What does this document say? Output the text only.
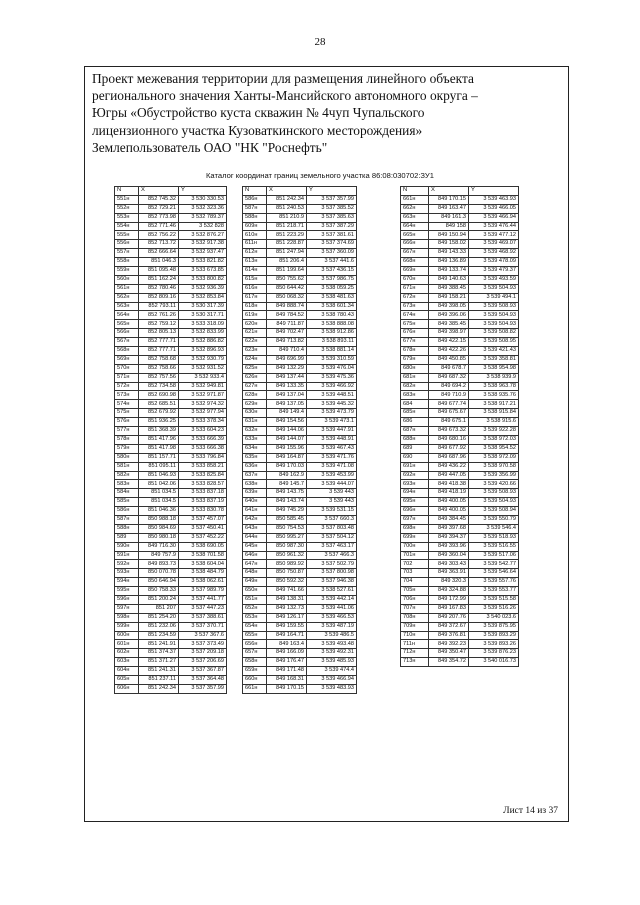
28
Проект межевания территории для размещения линейного объекта
регионального значения Ханты-Мансийского автономного округа –
Югры «Обустройство куста скважин № 4чуп Чупальского
лицензионного участка Кузоваткинского месторождения»
Землепользователь ОАО "НК "Роснефть"
Каталог координат границ земельного участка 86:08:030702:ЗУ1
N	X	Y
551н	852 745.32	3 530 330.53
552н	852 729.21	3 532 323.36
553н	852 773.98	3 532 789.37
554н	852 771.46	3 532 828
555н	852 756.22	3 532 876.27
556н	852 713.72	3 532 917.38
557н	852 666.64	3 532 937.47
558н	851 046.3	3 533 821.82
559н	851 095.48	3 533 673.85
560н	851 162.24	3 533 800.82
561н	852 780.46	3 532 936.39
562н	852 809.16	3 532 853.84
563н	852 793.11	3 530 317.39
564н	852 761.26	3 530 317.71
565н	852 759.12	3 533 318.09
566н	852 805.13	3 532 833.99
567н	852 777.71	3 532 886.82
568н	852 777.71	3 532 896.93
569н	852 758.68	3 532 930.79
570н	852 758.66	3 532 931.52
571н	852 757.56	3 532 933.4
572н	852 734.58	3 532 949.81
573н	852 690.98	3 532 971.87
574н	852 685.51	3 532 974.32
575н	852 679.92	3 532 977.94
576н	851 936.25	3 533 378.34
577н	851 368.39	3 533 604.23
578н	851 417.96	3 533 666.39
579н	851 417.98	3 533 666.38
580н	851 157.71	3 533 796.84
581н	851 095.11	3 533 858.21
582н	851 046.93	3 533 825.84
583н	851 042.06	3 533 828.57
584н	851 034.5	3 533 837.18
585н	851 034.5	3 533 837.19
586н	851 046.36	3 533 830.78
587н	850 988.18	3 537 457.07
588н	850 984.69	3 537 450.41
589	850 980.18	3 537 452.22
590н	849 716.30	3 538 690.05
591н	849 757.9	3 538 701.58
592н	849 893.73	3 538 604.04
593н	850 070.78	3 538 484.79
594н	850 646.94	3 538 062.61
595н	850 758.33	3 537 989.79
596н	851 200.24	3 537 441.77
597н	851 207	3 537 447.23
598н	851 254.20	3 537 388.61
599н	851 232.06	3 537 370.71
600н	851 234.59	3 537 367.6
601н	851 241.91	3 537 373.49
602н	851 374.37	3 537 209.18
603н	851 371.27	3 537 206.69
604н	851 241.31	3 537 367.87
605н	851 237.11	3 537 364.48
606н	851 242.34	3 537 357.99
N	X	Y
586н	851 242.34	3 537 357.99
587н	851 240.53	3 537 385.52
588н	851 210.9	3 537 385.63
609н	851 218.71	3 537 387.29
610н	851 223.29	3 537 381.61
611н	851 228.87	3 537 374.69
612н	851 247.94	3 537 360.09
613н	851 206.4	3 537 441.6
614н	851 199.64	3 537 436.15
615н	850 755.62	3 537 986.75
616н	850 644.42	3 538 059.25
617н	850 068.32	3 538 481.63
618н	849 888.74	3 538 601.34
619н	849 784.52	3 538 780.43
620н	849 711.87	3 538 888.08
621н	849 702.47	3 538 912.86
622н	849 713.82	3 538 893.11
623н	849 710.4	3 538 881.14
624н	849 696.99	3 539 310.59
625н	849 132.29	3 539 476.04
626н	849 137.44	3 539 475.36
627н	849 133.35	3 539 466.92
628н	849 137.04	3 539 448.51
629н	849 137.05	3 539 445.32
630н	849 149.4	3 539 473.79
631н	849 154.56	3 539 473.1
632н	849 144.06	3 539 447.91
633н	849 144.07	3 539 448.91
634н	849 155.96	3 539 467.43
635н	849 164.87	3 539 471.76
636н	849 170.03	3 539 471.08
637н	849 162.9	3 539 453.99
638н	849 145.7	3 539 444.07
639н	849 143.75	3 539 443
640н	849 143.74	3 539 443
641н	849 745.29	3 539 531.15
642н	850 585.45	3 537 660.3
643н	850 754.53	3 537 803.48
644н	850 995.27	3 537 504.12
645н	850 987.30	3 537 463.17
646н	850 961.32	3 537 466.3
647н	850 989.92	3 537 502.79
648н	850 750.87	3 537 800.98
649н	850 592.32	3 537 946.38
650н	849 741.66	3 538 527.61
651н	849 138.31	3 539 442.14
652н	849 132.73	3 539 441.06
653н	849 126.17	3 539 466.53
654н	849 159.55	3 539 487.19
655н	849 164.71	3 539 486.5
656н	849 163.4	3 539 493.48
657н	849 166.09	3 539 492.31
658н	849 176.47	3 539 485.93
659н	849 171.48	3 539 474.4
660н	849 168.31	3 539 466.94
661н	849 170.15	3 539 483.93
N	X	Y
661н	849 170.15	3 539 463.93
662н	849 163.47	3 539 466.05
663н	849 161.3	3 539 466.94
664н	849 158	3 539 476.44
665н	849 150.94	3 539 477.12
666н	849 158.02	3 539 469.07
667н	849 143.33	3 539 468.92
668н	849 136.89	3 539 478.09
669н	849 133.74	3 539 479.37
670н	849 140.63	3 539 493.59
671н	849 388.45	3 539 504.93
672н	849 158.21	3 539 494.1
673н	849 398.05	3 539 508.93
674н	849 396.06	3 539 504.93
675н	849 385.45	3 539 504.93
676н	849 398.97	3 539 508.82
677н	849 422.15	3 539 508.95
678н	849 422.26	3 539 421.43
679н	849 450.85	3 539 358.81
680н	849 678.7	3 538 954.98
681н	849 687.32	3 538 939.9
682н	849 694.2	3 538 963.78
683н	849 710.9	3 538 935.76
684	849 677.74	3 538 917.21
685н	849 675.67	3 538 915.84
686	849 675.1	3 538 915.6
687н	849 673.32	3 539 922.28
688н	849 680.16	3 538 972.03
689	849 677.92	3 538 954.52
690	849 687.96	3 538 972.09
691н	849 436.22	3 538 970.58
692н	849 447.05	3 539 356.99
693н	849 418.38	3 539 420.66
694н	849 418.19	3 539 508.93
695н	849 400.05	3 539 504.93
696н	849 400.05	3 539 508.94
697н	849 384.45	3 539 550.79
698н	849 397.68	3 539 546.4
699н	849 394.37	3 539 518.93
700н	849 393.96	3 539 516.55
701н	849 360.04	3 539 517.06
702	849 303.43	3 539 542.77
703	849 363.91	3 539 546.64
704	849 320.3	3 539 557.76
705н	849 324.88	3 539 553.77
706н	849 172.99	3 539 515.58
707н	849 167.83	3 539 516.26
708н	849 207.76	3 540 023.6
709н	849 372.67	3 539 875.95
710н	849 376.81	3 539 893.29
711н	849 392.23	3 539 893.26
712н	849 350.47	3 539 876.23
713н	849 354.72	3 540 016.73
Лист 14 из 37
